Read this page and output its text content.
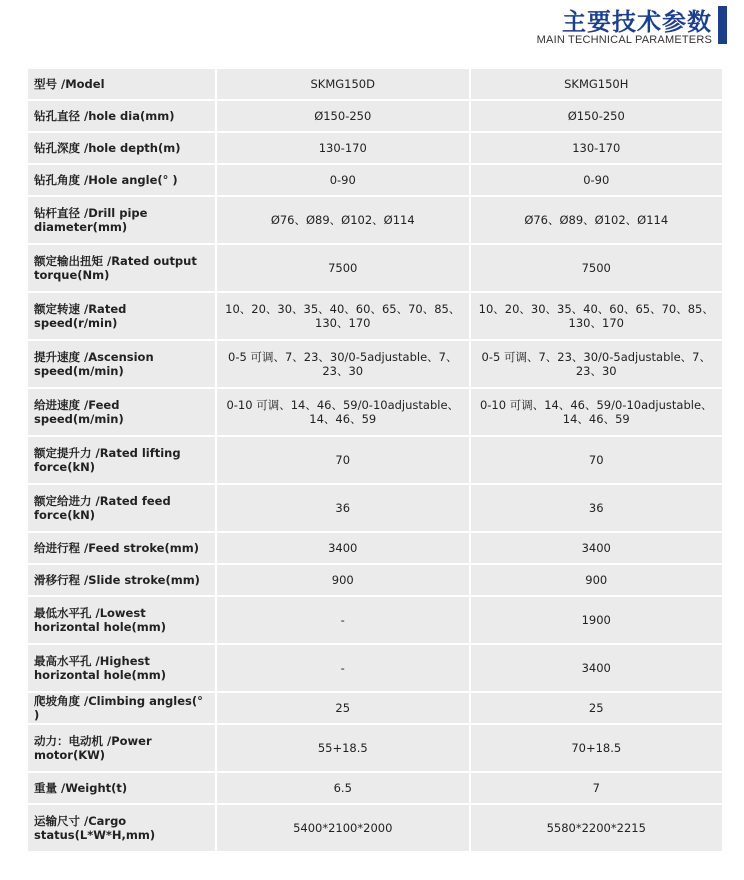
主要技术参数
MAIN TECHNICAL PARAMETERS
型号 /Model	SKMG150D	SKMG150H
钻孔直径 /hole dia(mm)	Ø150-250	Ø150-250
钻孔深度 /hole depth(m)	130-170	130-170
钻孔角度 /Hole angle(° )	0-90	0-90
钻杆直径 /Drill pipe diameter(mm)	Ø76、Ø89、Ø102、Ø114	Ø76、Ø89、Ø102、Ø114
额定输出扭矩 /Rated output torque(Nm)	7500	7500
额定转速 /Rated speed(r/min)	10、20、30、35、40、60、65、70、85、130、170	10、20、30、35、40、60、65、70、85、130、170
提升速度 /Ascension speed(m/min)	0-5 可调、7、23、30/0-5adjustable、7、23、30	0-5 可调、7、23、30/0-5adjustable、7、23、30
给进速度 /Feed speed(m/min)	0-10 可调、14、46、59/0-10adjustable、14、46、59	0-10 可调、14、46、59/0-10adjustable、14、46、59
额定提升力 /Rated lifting force(kN)	70	70
额定给进力 /Rated feed force(kN)	36	36
给进行程 /Feed stroke(mm)	3400	3400
滑移行程 /Slide stroke(mm)	900	900
最低水平孔 /Lowest horizontal hole(mm)	-	1900
最高水平孔 /Highest horizontal hole(mm)	-	3400
爬坡角度 /Climbing angles(° )	25	25
动力：电动机 /Power motor(KW)	55+18.5	70+18.5
重量 /Weight(t)	6.5	7
运输尺寸 /Cargo status(L*W*H,mm)	5400*2100*2000	5580*2200*2215
